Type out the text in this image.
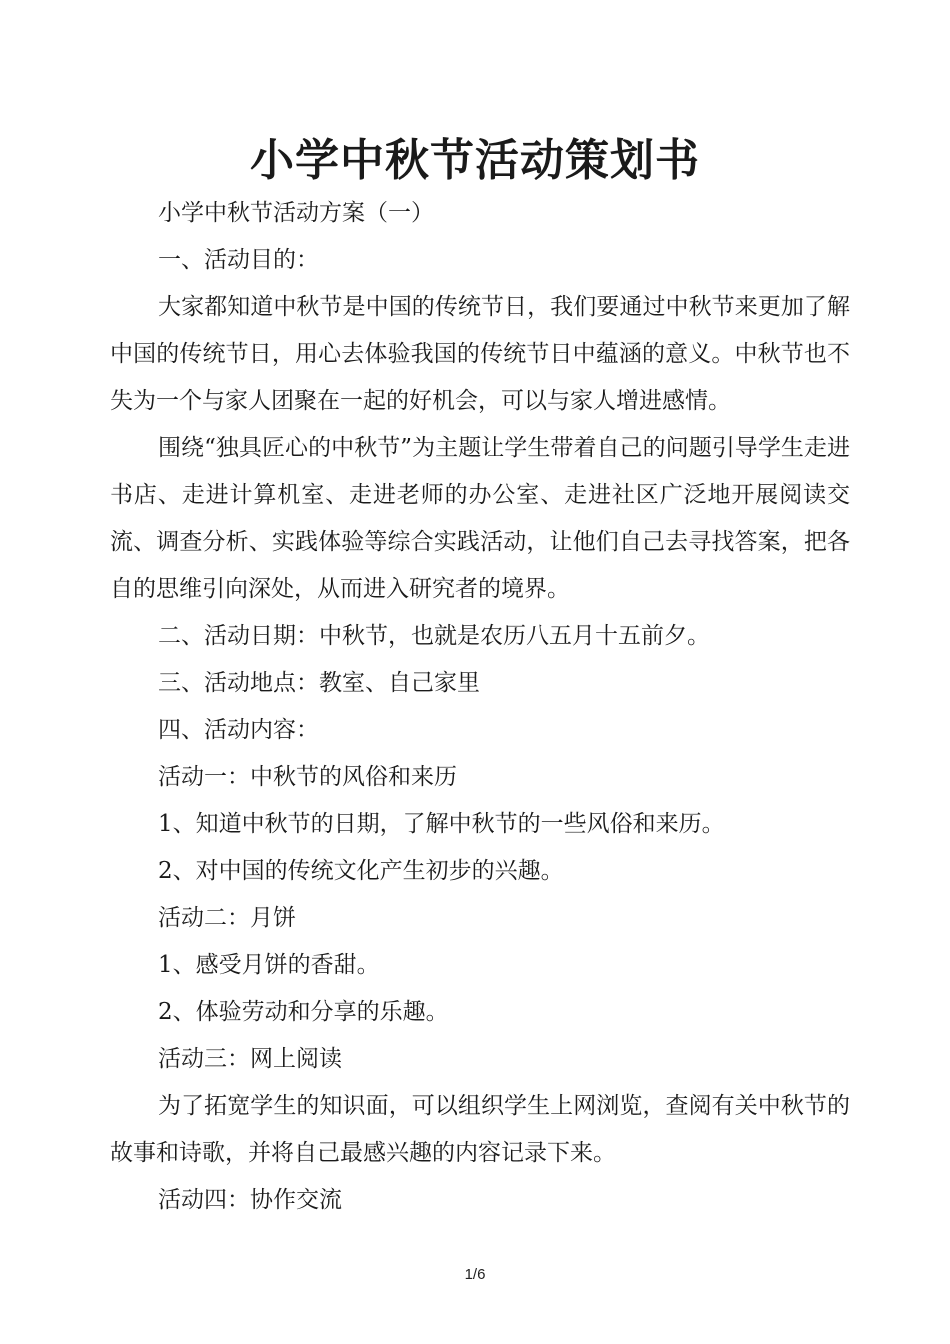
小学中秋节活动策划书

小学中秋节活动方案（一）

一、活动目的：

大家都知道中秋节是中国的传统节日，我们要通过中秋节来更加了解中国的传统节日，用心去体验我国的传统节日中蕴涵的意义。中秋节也不失为一个与家人团聚在一起的好机会，可以与家人增进感情。

围绕“独具匠心的中秋节”为主题让学生带着自己的问题引导学生走进书店、走进计算机室、走进老师的办公室、走进社区广泛地开展阅读交流、调查分析、实践体验等综合实践活动，让他们自己去寻找答案，把各自的思维引向深处，从而进入研究者的境界。

二、活动日期：中秋节，也就是农历八五月十五前夕。

三、活动地点：教室、自己家里

四、活动内容：

活动一：中秋节的风俗和来历

1、知道中秋节的日期，了解中秋节的一些风俗和来历。

2、对中国的传统文化产生初步的兴趣。

活动二：月饼

1、感受月饼的香甜。

2、体验劳动和分享的乐趣。

活动三：网上阅读

为了拓宽学生的知识面，可以组织学生上网浏览，查阅有关中秋节的故事和诗歌，并将自己最感兴趣的内容记录下来。

活动四：协作交流

1/6
